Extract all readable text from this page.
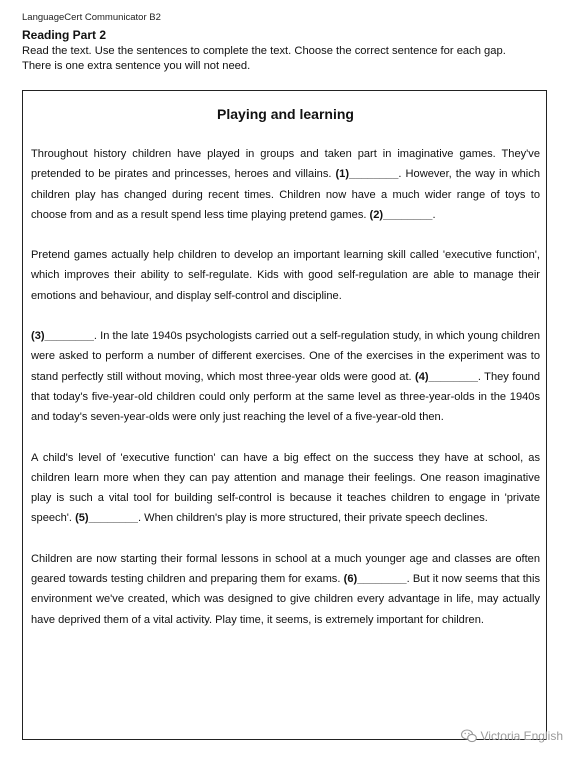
LanguageCert Communicator B2
Reading Part 2
Read the text. Use the sentences to complete the text. Choose the correct sentence for each gap.
There is one extra sentence you will not need.
Playing and learning

Throughout history children have played in groups and taken part in imaginative games. They've pretended to be pirates and princesses, heroes and villains. (1)________. However, the way in which children play has changed during recent times. Children now have a much wider range of toys to choose from and as a result spend less time playing pretend games. (2)________.

Pretend games actually help children to develop an important learning skill called 'executive function', which improves their ability to self-regulate. Kids with good self-regulation are able to manage their emotions and behaviour, and display self-control and discipline.

(3)________. In the late 1940s psychologists carried out a self-regulation study, in which young children were asked to perform a number of different exercises. One of the exercises in the experiment was to stand perfectly still without moving, which most three-year olds were good at. (4)________. They found that today's five-year-old children could only perform at the same level as three-year-olds in the 1940s and today's seven-year-olds were only just reaching the level of a five-year-old then.

A child's level of 'executive function' can have a big effect on the success they have at school, as children learn more when they can pay attention and manage their feelings. One reason imaginative play is such a vital tool for building self-control is because it teaches children to engage in 'private speech'. (5)________. When children's play is more structured, their private speech declines.

Children are now starting their formal lessons in school at a much younger age and classes are often geared towards testing children and preparing them for exams. (6)________. But it now seems that this environment we've created, which was designed to give children every advantage in life, may actually have deprived them of a vital activity. Play time, it seems, is extremely important for children.

Victoria English
